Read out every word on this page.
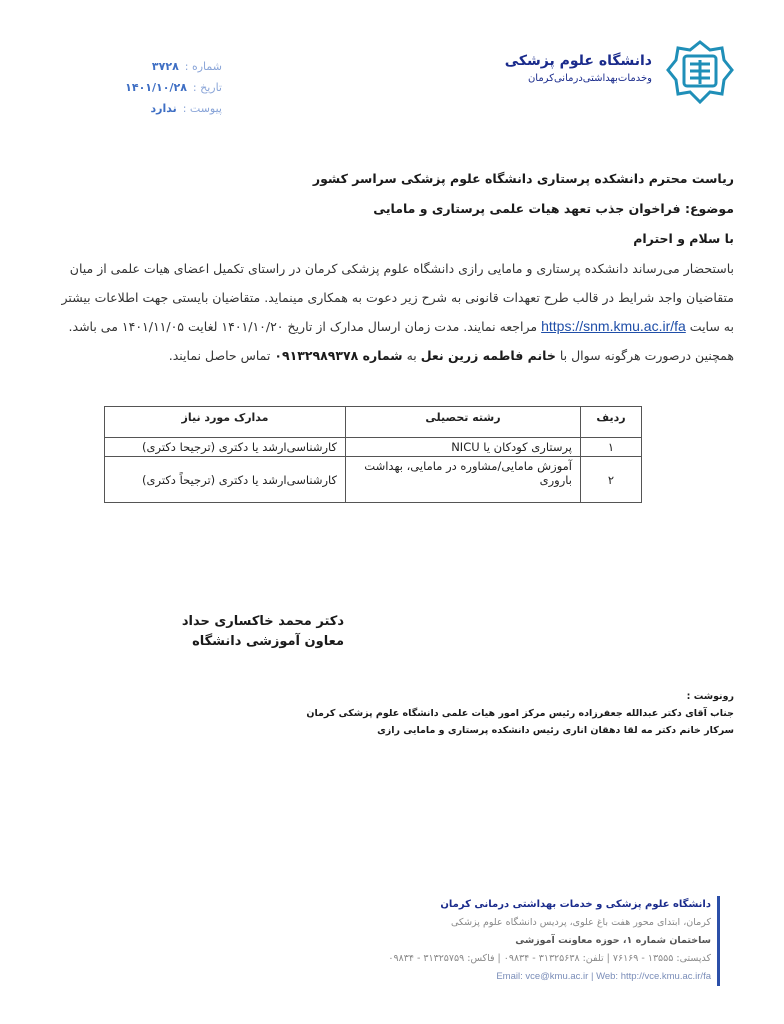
دانشگاه علوم پزشکی
وخدمات‌بهداشتی‌درمانی‌کرمان
شماره :
۳۷۲۸
تاریخ :
۱۴۰۱/۱۰/۲۸
پیوست :
ندارد
ریاست محترم دانشکده پرستاری دانشگاه علوم پزشکی سراسر کشور
موضوع: فراخوان جذب تعهد هیات علمی پرستاری و مامایی
با سلام و احترام
باستحضار می‌رساند دانشکده پرستاری و مامایی رازی دانشگاه علوم پزشکی کرمان در راستای تکمیل اعضای هیات علمی از میان متقاضیان واجد شرایط در قالب طرح تعهدات قانونی به شرح زیر دعوت به همکاری مینماید. متقاضیان بایستی جهت اطلاعات بیشتر به سایت https://snm.kmu.ac.ir/fa مراجعه نمایند. مدت زمان ارسال مدارک از تاریخ ۱۴۰۱/۱۰/۲۰ لغایت ۱۴۰۱/۱۱/۰۵ می باشد. همچنین درصورت هرگونه سوال با خانم فاطمه زرین نعل به شماره ۰۹۱۳۲۹۸۹۳۷۸ تماس حاصل نمایند.
ردیف	رشته تحصیلی	مدارک مورد نیاز
۱	پرستاری کودکان یا NICU	کارشناسی‌ارشد یا دکتری (ترجیحا دکتری)
۲	آموزش مامایی/مشاوره در مامایی، بهداشت باروری	کارشناسی‌ارشد یا دکتری (ترجیحاً دکتری)
دکتر محمد خاکساری حداد
معاون آموزشی دانشگاه
رونوشت :
جناب آقای دکتر عبدالله جعفرزاده رئیس مرکز امور هیات علمی دانشگاه علوم پزشکی کرمان
سرکار خانم دکتر مه لقا دهقان اناری رئیس دانشکده پرستاری و مامایی رازی
دانشگاه علوم پزشکی و خدمات بهداشتی درمانی کرمان
کرمان، ابتدای محور هفت باغ علوی، پردیس دانشگاه علوم پزشکی
ساختمان شماره ۱، حوزه معاونت آموزشی
کدپستی: ۱۳۵۵۵ - ۷۶۱۶۹ | تلفن: ۳۱۳۲۵۶۳۸ - ۰۹۸۳۴ | فاکس: ۳۱۳۲۵۷۵۹ - ۰۹۸۳۴
Email: vce@kmu.ac.ir | Web: http://vce.kmu.ac.ir/fa
